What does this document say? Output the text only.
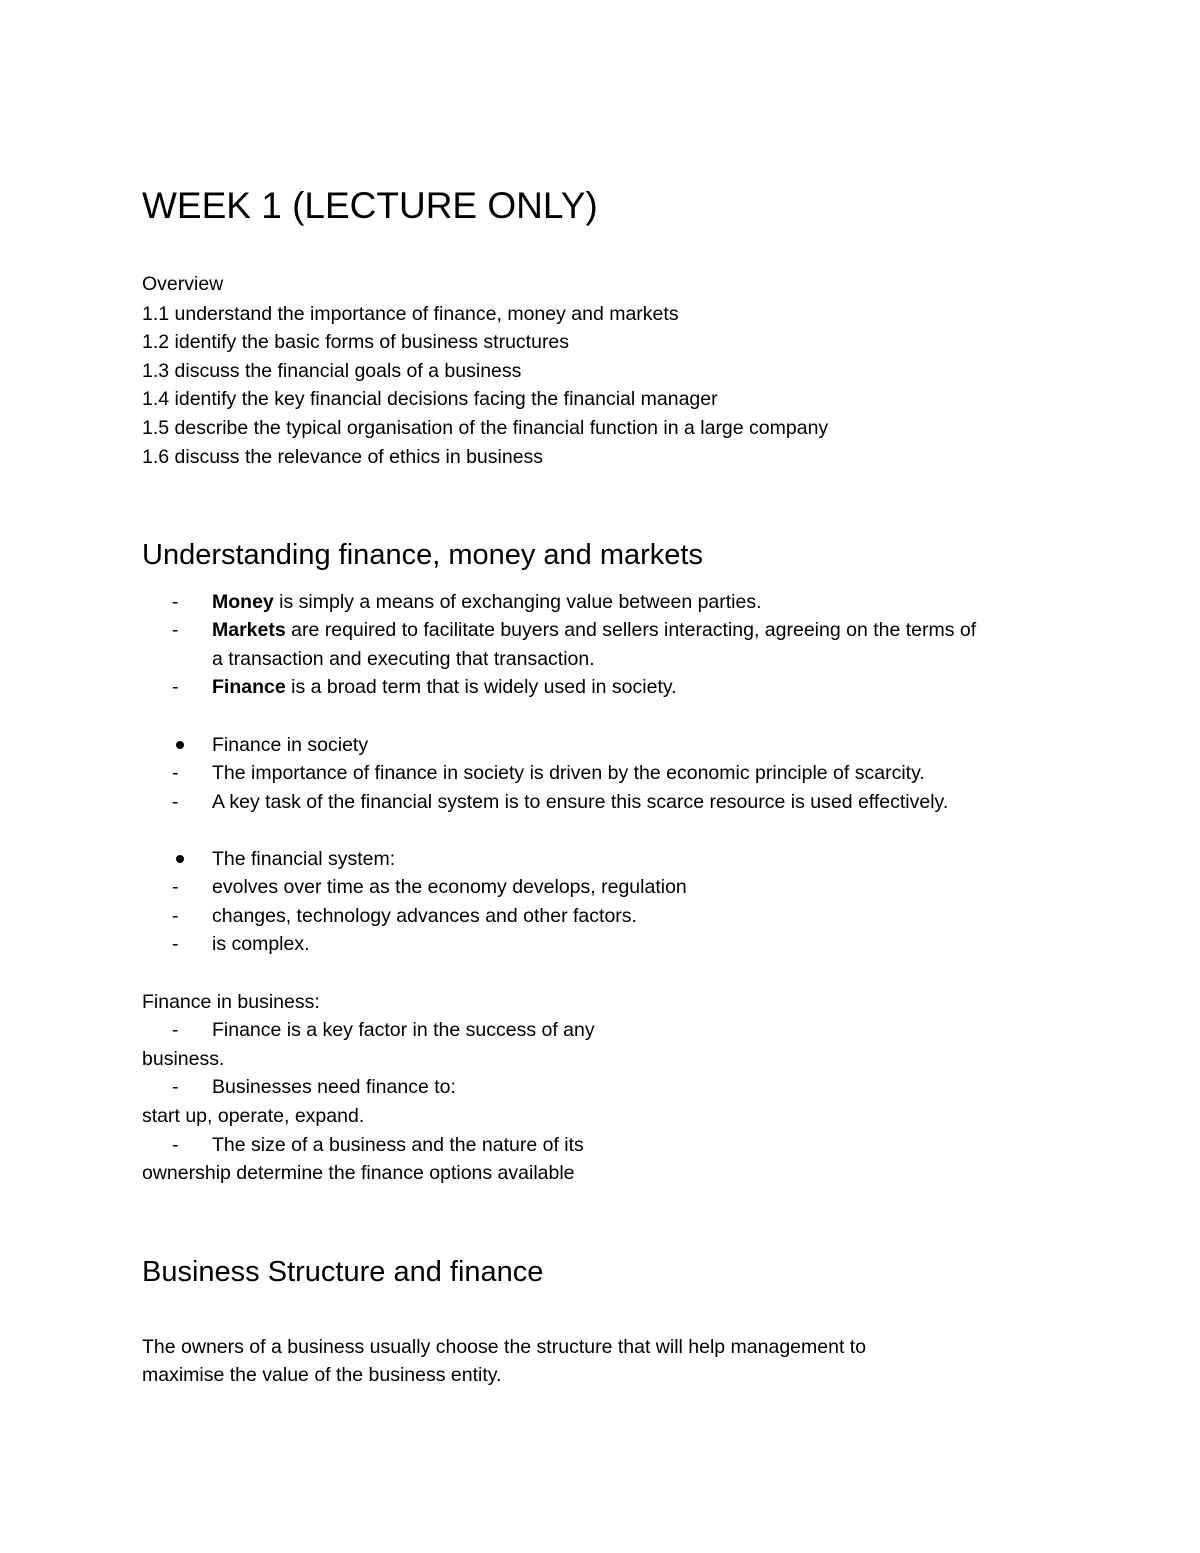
WEEK 1 (LECTURE ONLY)
Overview
1.1 understand the importance of finance, money and markets
1.2 identify the basic forms of business structures
1.3 discuss the financial goals of a business
1.4 identify the key financial decisions facing the financial manager
1.5 describe the typical organisation of the financial function in a large company
1.6 discuss the relevance of ethics in business
Understanding finance, money and markets
-	Money is simply a means of exchanging value between parties.
-	Markets are required to facilitate buyers and sellers interacting, agreeing on the terms of
a transaction and executing that transaction.
-	Finance is a broad term that is widely used in society.
Finance in society
-	The importance of finance in society is driven by the economic principle of scarcity.
-	A key task of the financial system is to ensure this scarce resource is used effectively.
The financial system:
-	evolves over time as the economy develops, regulation
-	changes, technology advances and other factors.
-	is complex.
Finance in business:
-	Finance is a key factor in the success of any
business.
-	Businesses need finance to:
start up, operate, expand.
-	The size of a business and the nature of its
ownership determine the finance options available
Business Structure and finance
The owners of a business usually choose the structure that will help management to
maximise the value of the business entity.
